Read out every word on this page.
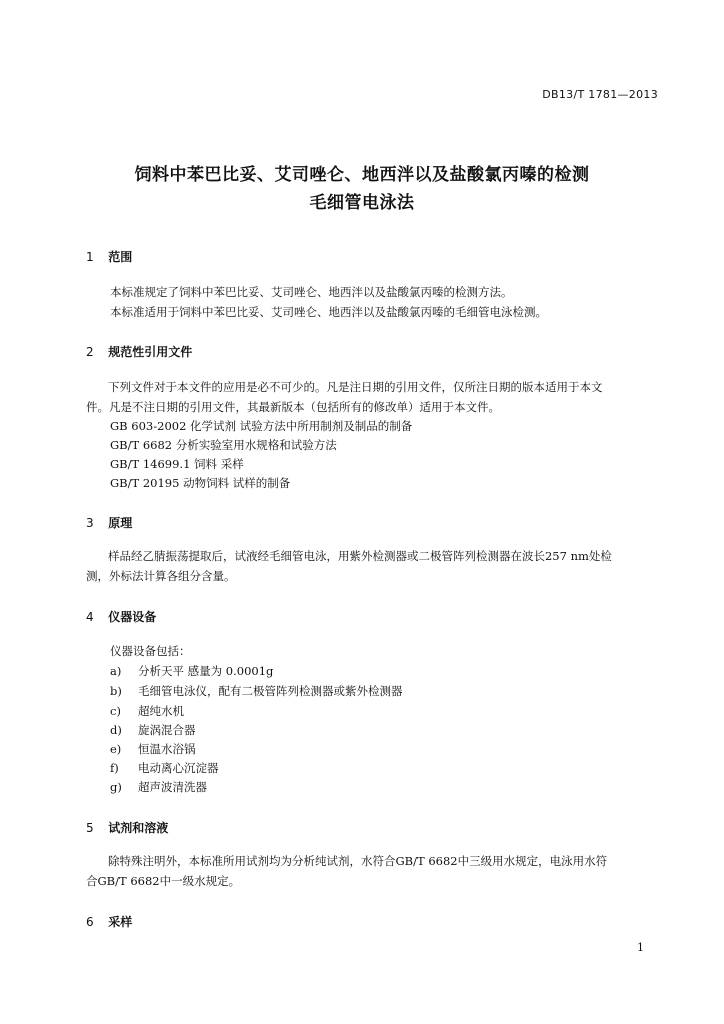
DB13/T 1781—2013
饲料中苯巴比妥、艾司唑仑、地西泮以及盐酸氯丙嗪的检测
毛细管电泳法
1 范围
本标准规定了饲料中苯巴比妥、艾司唑仑、地西泮以及盐酸氯丙嗪的检测方法。
本标准适用于饲料中苯巴比妥、艾司唑仑、地西泮以及盐酸氯丙嗪的毛细管电泳检测。
2 规范性引用文件
下列文件对于本文件的应用是必不可少的。凡是注日期的引用文件，仅所注日期的版本适用于本文
件。凡是不注日期的引用文件，其最新版本（包括所有的修改单）适用于本文件。
GB 603-2002 化学试剂 试验方法中所用制剂及制品的制备
GB/T 6682 分析实验室用水规格和试验方法
GB/T 14699.1 饲料 采样
GB/T 20195 动物饲料 试样的制备
3 原理
样品经乙腈振荡提取后，试液经毛细管电泳，用紫外检测器或二极管阵列检测器在波长257 nm处检
测，外标法计算各组分含量。
4 仪器设备
仪器设备包括：
a) 分析天平 感量为 0.0001g
b) 毛细管电泳仪，配有二极管阵列检测器或紫外检测器
c) 超纯水机
d) 旋涡混合器
e) 恒温水浴锅
f) 电动离心沉淀器
g) 超声波清洗器
5 试剂和溶液
除特殊注明外，本标准所用试剂均为分析纯试剂，水符合GB/T 6682中三级用水规定，电泳用水符
合GB/T 6682中一级水规定。
6 采样
1
